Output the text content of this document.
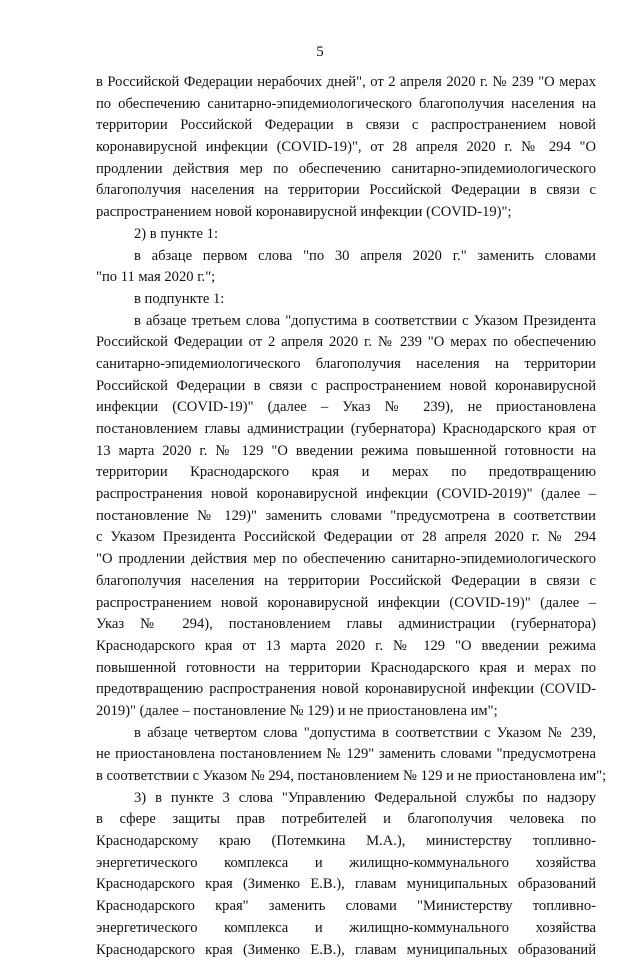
5
в Российской Федерации нерабочих дней", от 2 апреля 2020 г. № 239 "О мерах
по обеспечению санитарно-эпидемиологического благополучия населения на
территории Российской Федерации в связи с распространением новой
коронавирусной инфекции (COVID-19)", от 28 апреля 2020 г. № 294 "О
продлении действия мер по обеспечению санитарно-эпидемиологического
благополучия населения на территории Российской Федерации в связи с
распространением новой коронавирусной инфекции (COVID-19)";
2) в пункте 1:
в абзаце первом слова "по 30 апреля 2020 г." заменить словами
"по 11 мая 2020 г.";
в подпункте 1:
в абзаце третьем слова "допустима в соответствии с Указом Президента
Российской Федерации от 2 апреля 2020 г. № 239 "О мерах по обеспечению
санитарно-эпидемиологического благополучия населения на территории
Российской Федерации в связи с распространением новой коронавирусной
инфекции (COVID-19)" (далее – Указ № 239), не приостановлена
постановлением главы администрации (губернатора) Краснодарского края от
13 марта 2020 г. № 129 "О введении режима повышенной готовности на
территории Краснодарского края и мерах по предотвращению
распространения новой коронавирусной инфекции (COVID-2019)" (далее –
постановление № 129)" заменить словами "предусмотрена в соответствии
с Указом Президента Российской Федерации от 28 апреля 2020 г. № 294
"О продлении действия мер по обеспечению санитарно-эпидемиологического
благополучия населения на территории Российской Федерации в связи с
распространением новой коронавирусной инфекции (COVID-19)" (далее –
Указ № 294), постановлением главы администрации (губернатора)
Краснодарского края от 13 марта 2020 г. № 129 "О введении режима
повышенной готовности на территории Краснодарского края и мерах по
предотвращению распространения новой коронавирусной инфекции (COVID-
2019)" (далее – постановление № 129) и не приостановлена им";
в абзаце четвертом слова "допустима в соответствии с Указом № 239,
не приостановлена постановлением № 129" заменить словами "предусмотрена
в соответствии с Указом № 294, постановлением № 129 и не приостановлена им";
3) в пункте 3 слова "Управлению Федеральной службы по надзору
в сфере защиты прав потребителей и благополучия человека по
Краснодарскому краю (Потемкина М.А.), министерству топливно-
энергетического комплекса и жилищно-коммунального хозяйства
Краснодарского края (Зименко Е.В.), главам муниципальных образований
Краснодарского края" заменить словами "Министерству топливно-
энергетического комплекса и жилищно-коммунального хозяйства
Краснодарского края (Зименко Е.В.), главам муниципальных образований
